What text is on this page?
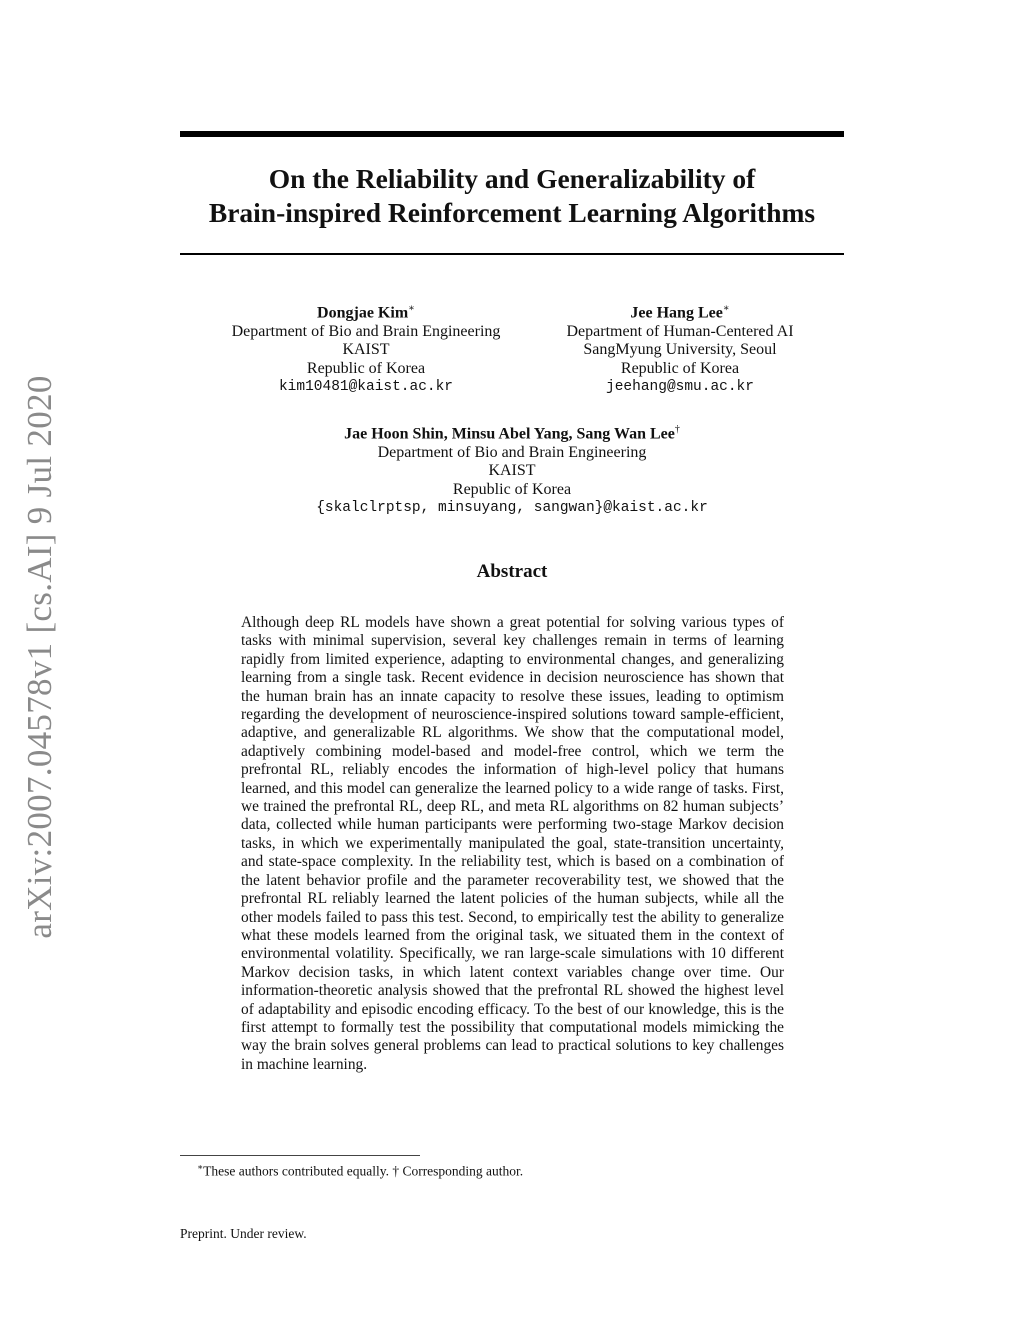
arXiv:2007.04578v1 [cs.AI] 9 Jul 2020
On the Reliability and Generalizability of
Brain-inspired Reinforcement Learning Algorithms
Dongjae Kim∗
Department of Bio and Brain Engineering
KAIST
Republic of Korea
kim10481@kaist.ac.kr
Jee Hang Lee∗
Department of Human-Centered AI
SangMyung University, Seoul
Republic of Korea
jeehang@smu.ac.kr
Jae Hoon Shin, Minsu Abel Yang, Sang Wan Lee†
Department of Bio and Brain Engineering
KAIST
Republic of Korea
{skalclrptsp, minsuyang, sangwan}@kaist.ac.kr
Abstract

Although deep RL models have shown a great potential for solving various types of tasks with minimal supervision, several key challenges remain in terms of learning rapidly from limited experience, adapting to environmental changes, and generalizing learning from a single task. Recent evidence in decision neuroscience has shown that the human brain has an innate capacity to resolve these issues, leading to optimism regarding the development of neuroscience-inspired solutions toward sample-efficient, adaptive, and generalizable RL algorithms. We show that the computational model, adaptively combining model-based and model-free control, which we term the prefrontal RL, reliably encodes the information of high-level policy that humans learned, and this model can generalize the learned policy to a wide range of tasks. First, we trained the prefrontal RL, deep RL, and meta RL algorithms on 82 human subjects’ data, collected while human participants were performing two-stage Markov decision tasks, in which we experimentally manipulated the goal, state-transition uncertainty, and state-space complexity. In the reliability test, which is based on a combination of the latent behavior profile and the parameter recoverability test, we showed that the prefrontal RL reliably learned the latent policies of the human subjects, while all the other models failed to pass this test. Second, to empirically test the ability to generalize what these models learned from the original task, we situated them in the context of environmental volatility. Specifically, we ran large-scale simulations with 10 different Markov decision tasks, in which latent context variables change over time. Our information-theoretic analysis showed that the prefrontal RL showed the highest level of adaptability and episodic encoding efficacy. To the best of our knowledge, this is the first attempt to formally test the possibility that computational models mimicking the way the brain solves general problems can lead to practical solutions to key challenges in machine learning.

∗These authors contributed equally. † Corresponding author.

Preprint. Under review.
